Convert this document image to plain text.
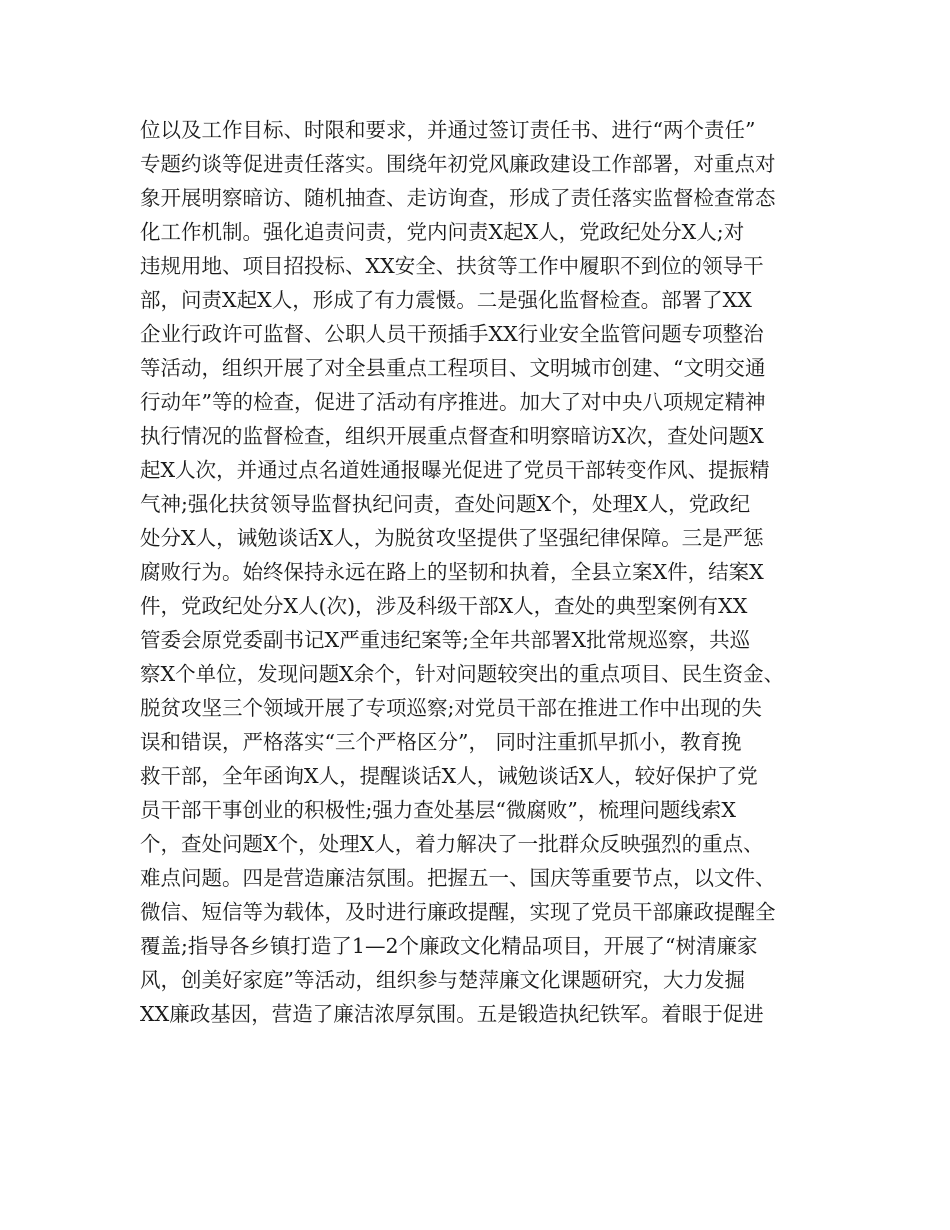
位以及工作目标、时限和要求，并通过签订责任书、进行“两个责任”
专题约谈等促进责任落实。围绕年初党风廉政建设工作部署，对重点对
象开展明察暗访、随机抽查、走访询查，形成了责任落实监督检查常态
化工作机制。强化追责问责，党内问责X起X人，党政纪处分X人;对
违规用地、项目招投标、XX安全、扶贫等工作中履职不到位的领导干
部，问责X起X人，形成了有力震慑。二是强化监督检查。部署了XX
企业行政许可监督、公职人员干预插手XX行业安全监管问题专项整治
等活动，组织开展了对全县重点工程项目、文明城市创建、“文明交通
行动年”等的检查，促进了活动有序推进。加大了对中央八项规定精神
执行情况的监督检查，组织开展重点督查和明察暗访X次，查处问题X
起X人次，并通过点名道姓通报曝光促进了党员干部转变作风、提振精
气神;强化扶贫领导监督执纪问责，查处问题X个，处理X人，党政纪
处分X人，诫勉谈话X人，为脱贫攻坚提供了坚强纪律保障。三是严惩
腐败行为。始终保持永远在路上的坚韧和执着，全县立案X件，结案X
件，党政纪处分X人(次)，涉及科级干部X人，查处的典型案例有XX
管委会原党委副书记X严重违纪案等;全年共部署X批常规巡察，共巡
察X个单位，发现问题X余个，针对问题较突出的重点项目、民生资金、
脱贫攻坚三个领域开展了专项巡察;对党员干部在推进工作中出现的失
误和错误，严格落实“三个严格区分”， 同时注重抓早抓小，教育挽
救干部，全年函询X人，提醒谈话X人，诫勉谈话X人，较好保护了党
员干部干事创业的积极性;强力查处基层“微腐败”，梳理问题线索X
个，查处问题X个，处理X人，着力解决了一批群众反映强烈的重点、
难点问题。四是营造廉洁氛围。把握五一、国庆等重要节点，以文件、
微信、短信等为载体，及时进行廉政提醒，实现了党员干部廉政提醒全
覆盖;指导各乡镇打造了1—2个廉政文化精品项目，开展了“树清廉家
风，创美好家庭”等活动，组织参与楚萍廉文化课题研究，大力发掘
XX廉政基因，营造了廉洁浓厚氛围。五是锻造执纪铁军。着眼于促进
